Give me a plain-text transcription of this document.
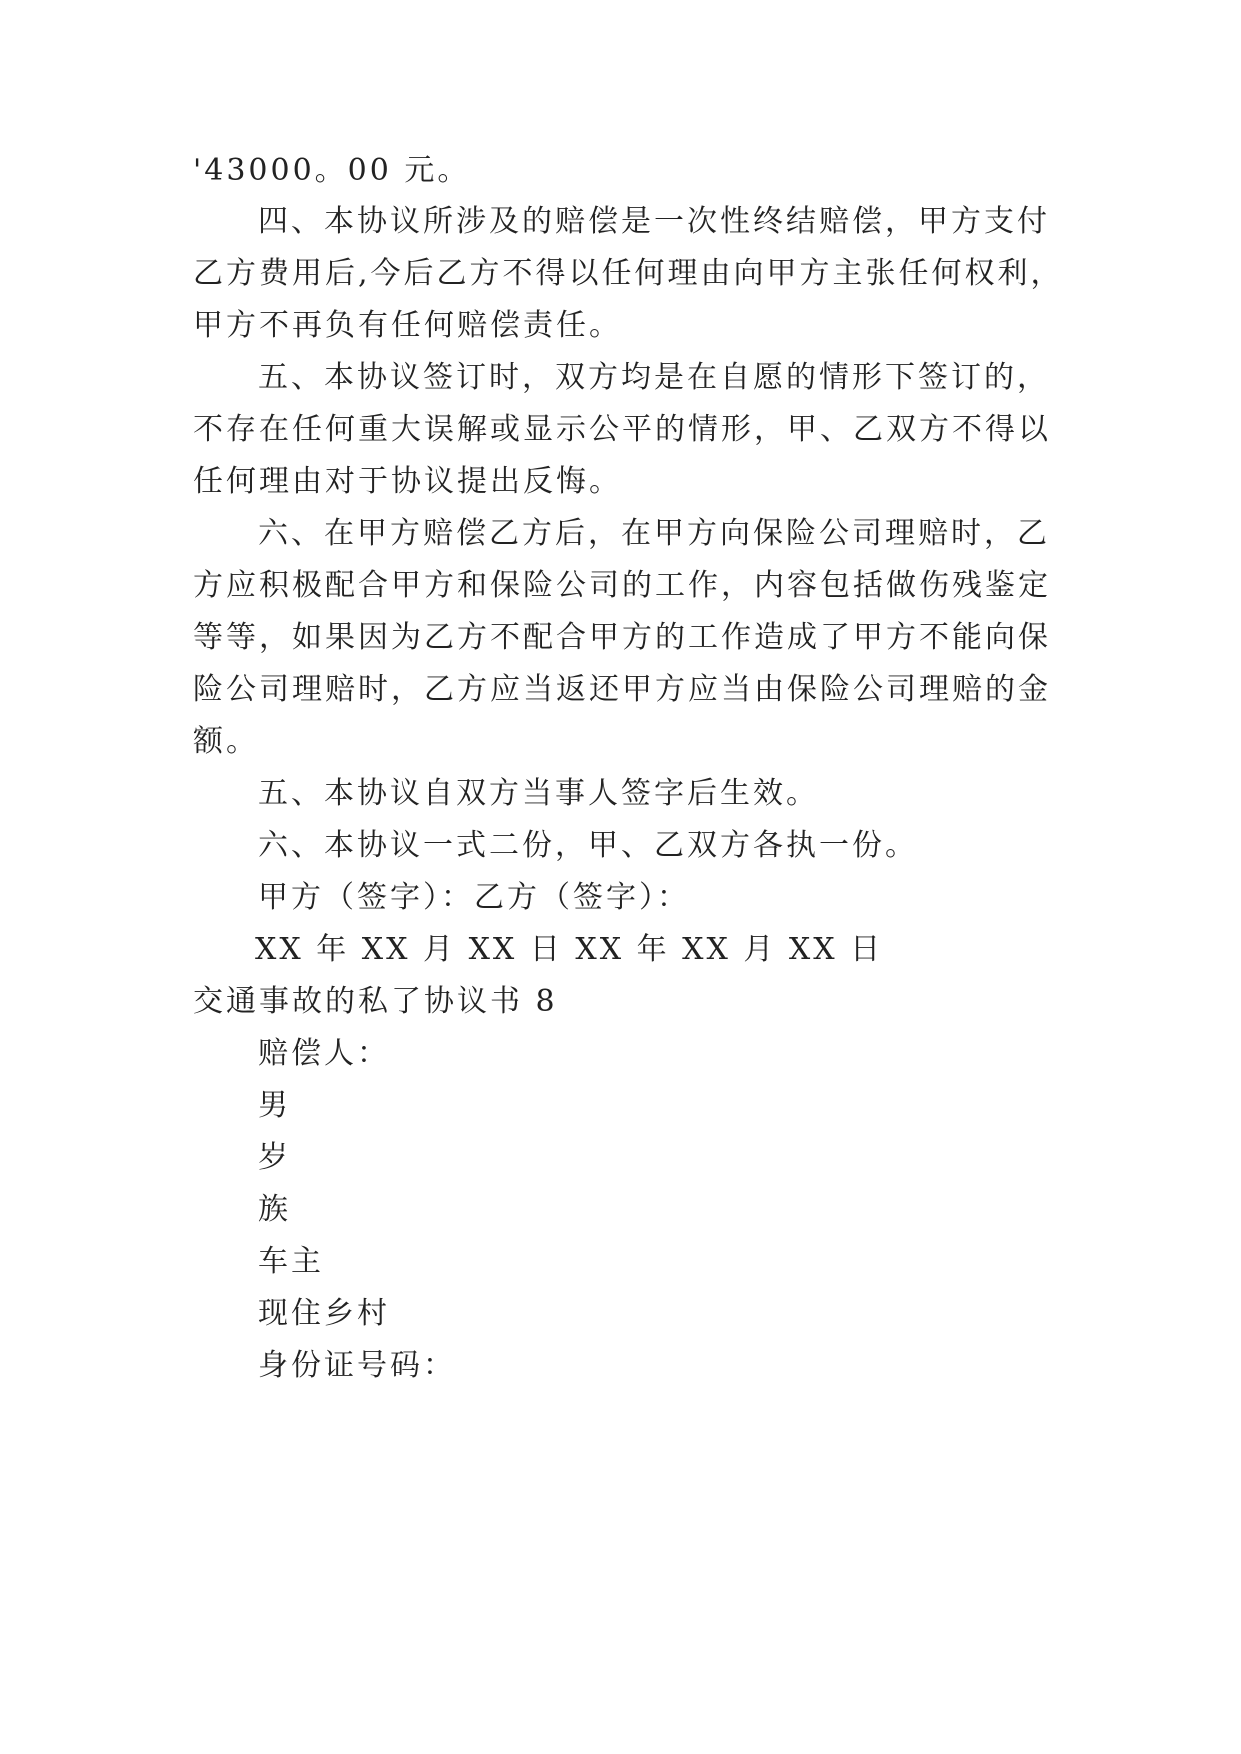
'43000。00 元。
四、本协议所涉及的赔偿是一次性终结赔偿，甲方支付
乙方费用后,今后乙方不得以任何理由向甲方主张任何权利，
甲方不再负有任何赔偿责任。
五、本协议签订时，双方均是在自愿的情形下签订的，
不存在任何重大误解或显示公平的情形，甲、乙双方不得以
任何理由对于协议提出反悔。
六、在甲方赔偿乙方后，在甲方向保险公司理赔时，乙
方应积极配合甲方和保险公司的工作，内容包括做伤残鉴定
等等，如果因为乙方不配合甲方的工作造成了甲方不能向保
险公司理赔时，乙方应当返还甲方应当由保险公司理赔的金
额。
五、本协议自双方当事人签字后生效。
六、本协议一式二份，甲、乙双方各执一份。
甲方（签字）：乙方（签字）：
XX 年 XX 月 XX 日 XX 年 XX 月 XX 日
交通事故的私了协议书 8
赔偿人：
男
岁
族
车主
现住乡村
身份证号码：
